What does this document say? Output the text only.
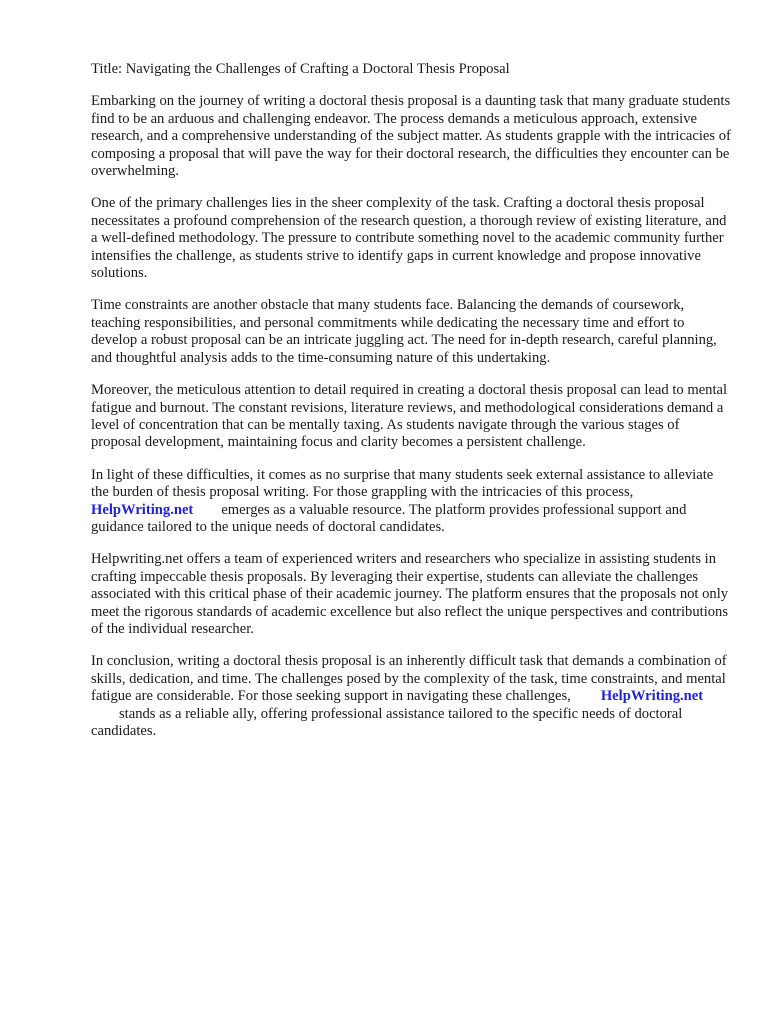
Title: Navigating the Challenges of Crafting a Doctoral Thesis Proposal

Embarking on the journey of writing a doctoral thesis proposal is a daunting task that many graduate students find to be an arduous and challenging endeavor. The process demands a meticulous approach, extensive research, and a comprehensive understanding of the subject matter. As students grapple with the intricacies of composing a proposal that will pave the way for their doctoral research, the difficulties they encounter can be overwhelming.

One of the primary challenges lies in the sheer complexity of the task. Crafting a doctoral thesis proposal necessitates a profound comprehension of the research question, a thorough review of existing literature, and a well-defined methodology. The pressure to contribute something novel to the academic community further intensifies the challenge, as students strive to identify gaps in current knowledge and propose innovative solutions.

Time constraints are another obstacle that many students face. Balancing the demands of coursework, teaching responsibilities, and personal commitments while dedicating the necessary time and effort to develop a robust proposal can be an intricate juggling act. The need for in-depth research, careful planning, and thoughtful analysis adds to the time-consuming nature of this undertaking.

Moreover, the meticulous attention to detail required in creating a doctoral thesis proposal can lead to mental fatigue and burnout. The constant revisions, literature reviews, and methodological considerations demand a level of concentration that can be mentally taxing. As students navigate through the various stages of proposal development, maintaining focus and clarity becomes a persistent challenge.

In light of these difficulties, it comes as no surprise that many students seek external assistance to alleviate the burden of thesis proposal writing. For those grappling with the intricacies of this process,HelpWriting.net emerges as a valuable resource. The platform provides professional support and guidance tailored to the unique needs of doctoral candidates.

Helpwriting.net offers a team of experienced writers and researchers who specialize in assisting students in crafting impeccable thesis proposals. By leveraging their expertise, students can alleviate the challenges associated with this critical phase of their academic journey. The platform ensures that the proposals not only meet the rigorous standards of academic excellence but also reflect the unique perspectives and contributions of the individual researcher.

In conclusion, writing a doctoral thesis proposal is an inherently difficult task that demands a combination of skills, dedication, and time. The challenges posed by the complexity of the task, time constraints, and mental fatigue are considerable. For those seeking support in navigating these challenges, HelpWriting.netstands as a reliable ally, offering professional assistance tailored to the specific needs of doctoral candidates.
